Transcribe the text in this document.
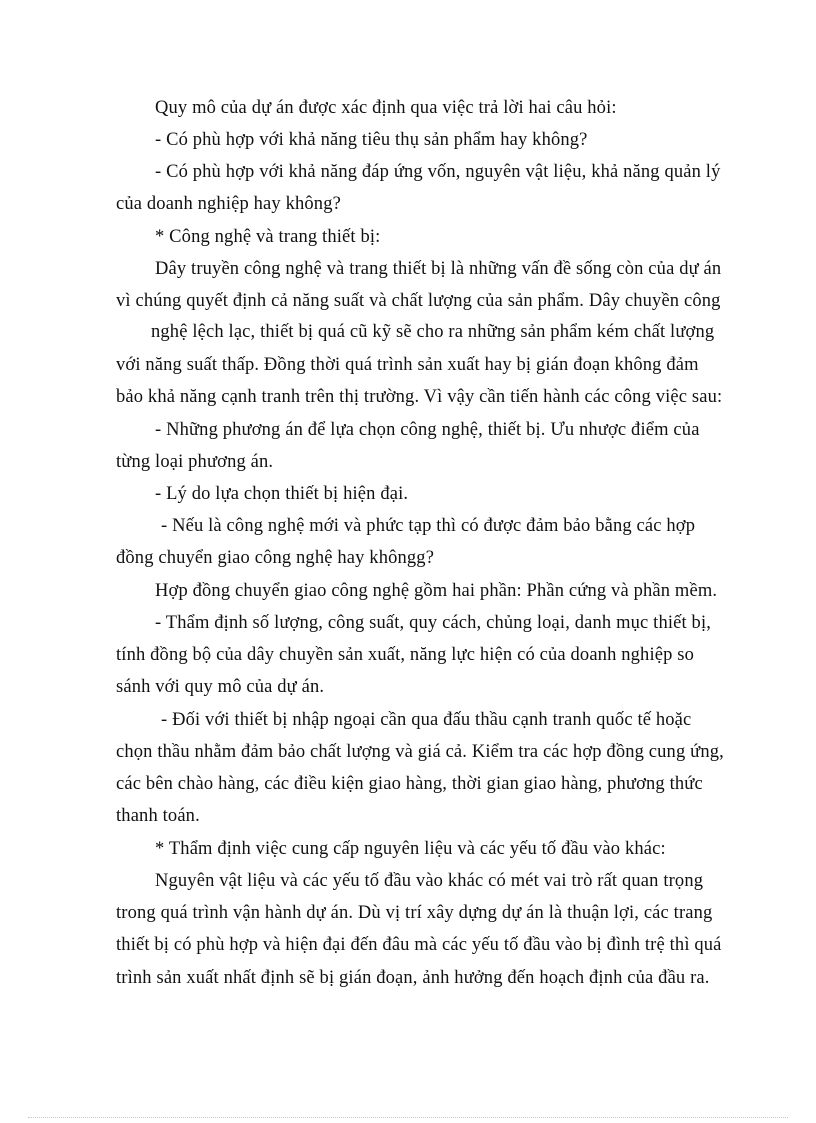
Quy mô của dự án được xác định qua việc trả lời hai câu hỏi:
- Có phù hợp với khả năng tiêu thụ sản phẩm hay không?
- Có phù hợp với khả năng đáp ứng vốn, nguyên vật liệu, khả năng quản lý
của doanh nghiệp hay không?
* Công nghệ và trang thiết bị:
Dây truyền công nghệ và trang thiết bị là những vấn đề sống còn của dự án
vì chúng quyết định cả năng suất và chất lượng của sản phẩm. Dây chuyền công
nghệ lệch lạc, thiết bị quá cũ kỹ sẽ cho ra những sản phẩm kém chất lượng
với năng suất thấp. Đồng thời quá trình sản xuất hay bị gián đoạn không đảm
bảo khả năng cạnh tranh trên thị trường. Vì vậy cần tiến hành các công việc sau:
- Những phương án để lựa chọn công nghệ, thiết bị. Ưu nhược điểm của
từng loại phương án.
- Lý do lựa chọn thiết bị hiện đại.
- Nếu là công nghệ mới và phức tạp thì có được đảm bảo bằng các hợp
đồng chuyển giao công nghệ hay khôngg?
Hợp đồng chuyển giao công nghệ gồm hai phần: Phần cứng và phần mềm.
- Thẩm định số lượng, công suất, quy cách, chủng loại, danh mục thiết bị,
tính đồng bộ của dây chuyền sản xuất, năng lực hiện có của doanh nghiệp so
sánh với quy mô của dự án.
- Đối với thiết bị nhập ngoại cần qua đấu thầu cạnh tranh quốc tế hoặc
chọn thầu nhằm đảm bảo chất lượng và giá cả. Kiểm tra các hợp đồng cung ứng,
các bên chào hàng, các điều kiện giao hàng, thời gian giao hàng, phương thức
thanh toán.
* Thẩm định việc cung cấp nguyên liệu và các yếu tố đầu vào khác:
Nguyên vật liệu và các yếu tố đầu vào khác có mét vai trò rất quan trọng
trong quá trình vận hành dự án. Dù vị trí xây dựng dự án là thuận lợi, các trang
thiết bị có phù hợp và hiện đại đến đâu mà các yếu tố đầu vào bị đình trệ thì quá
trình sản xuất nhất định sẽ bị gián đoạn, ảnh hưởng đến hoạch định của đầu ra.
